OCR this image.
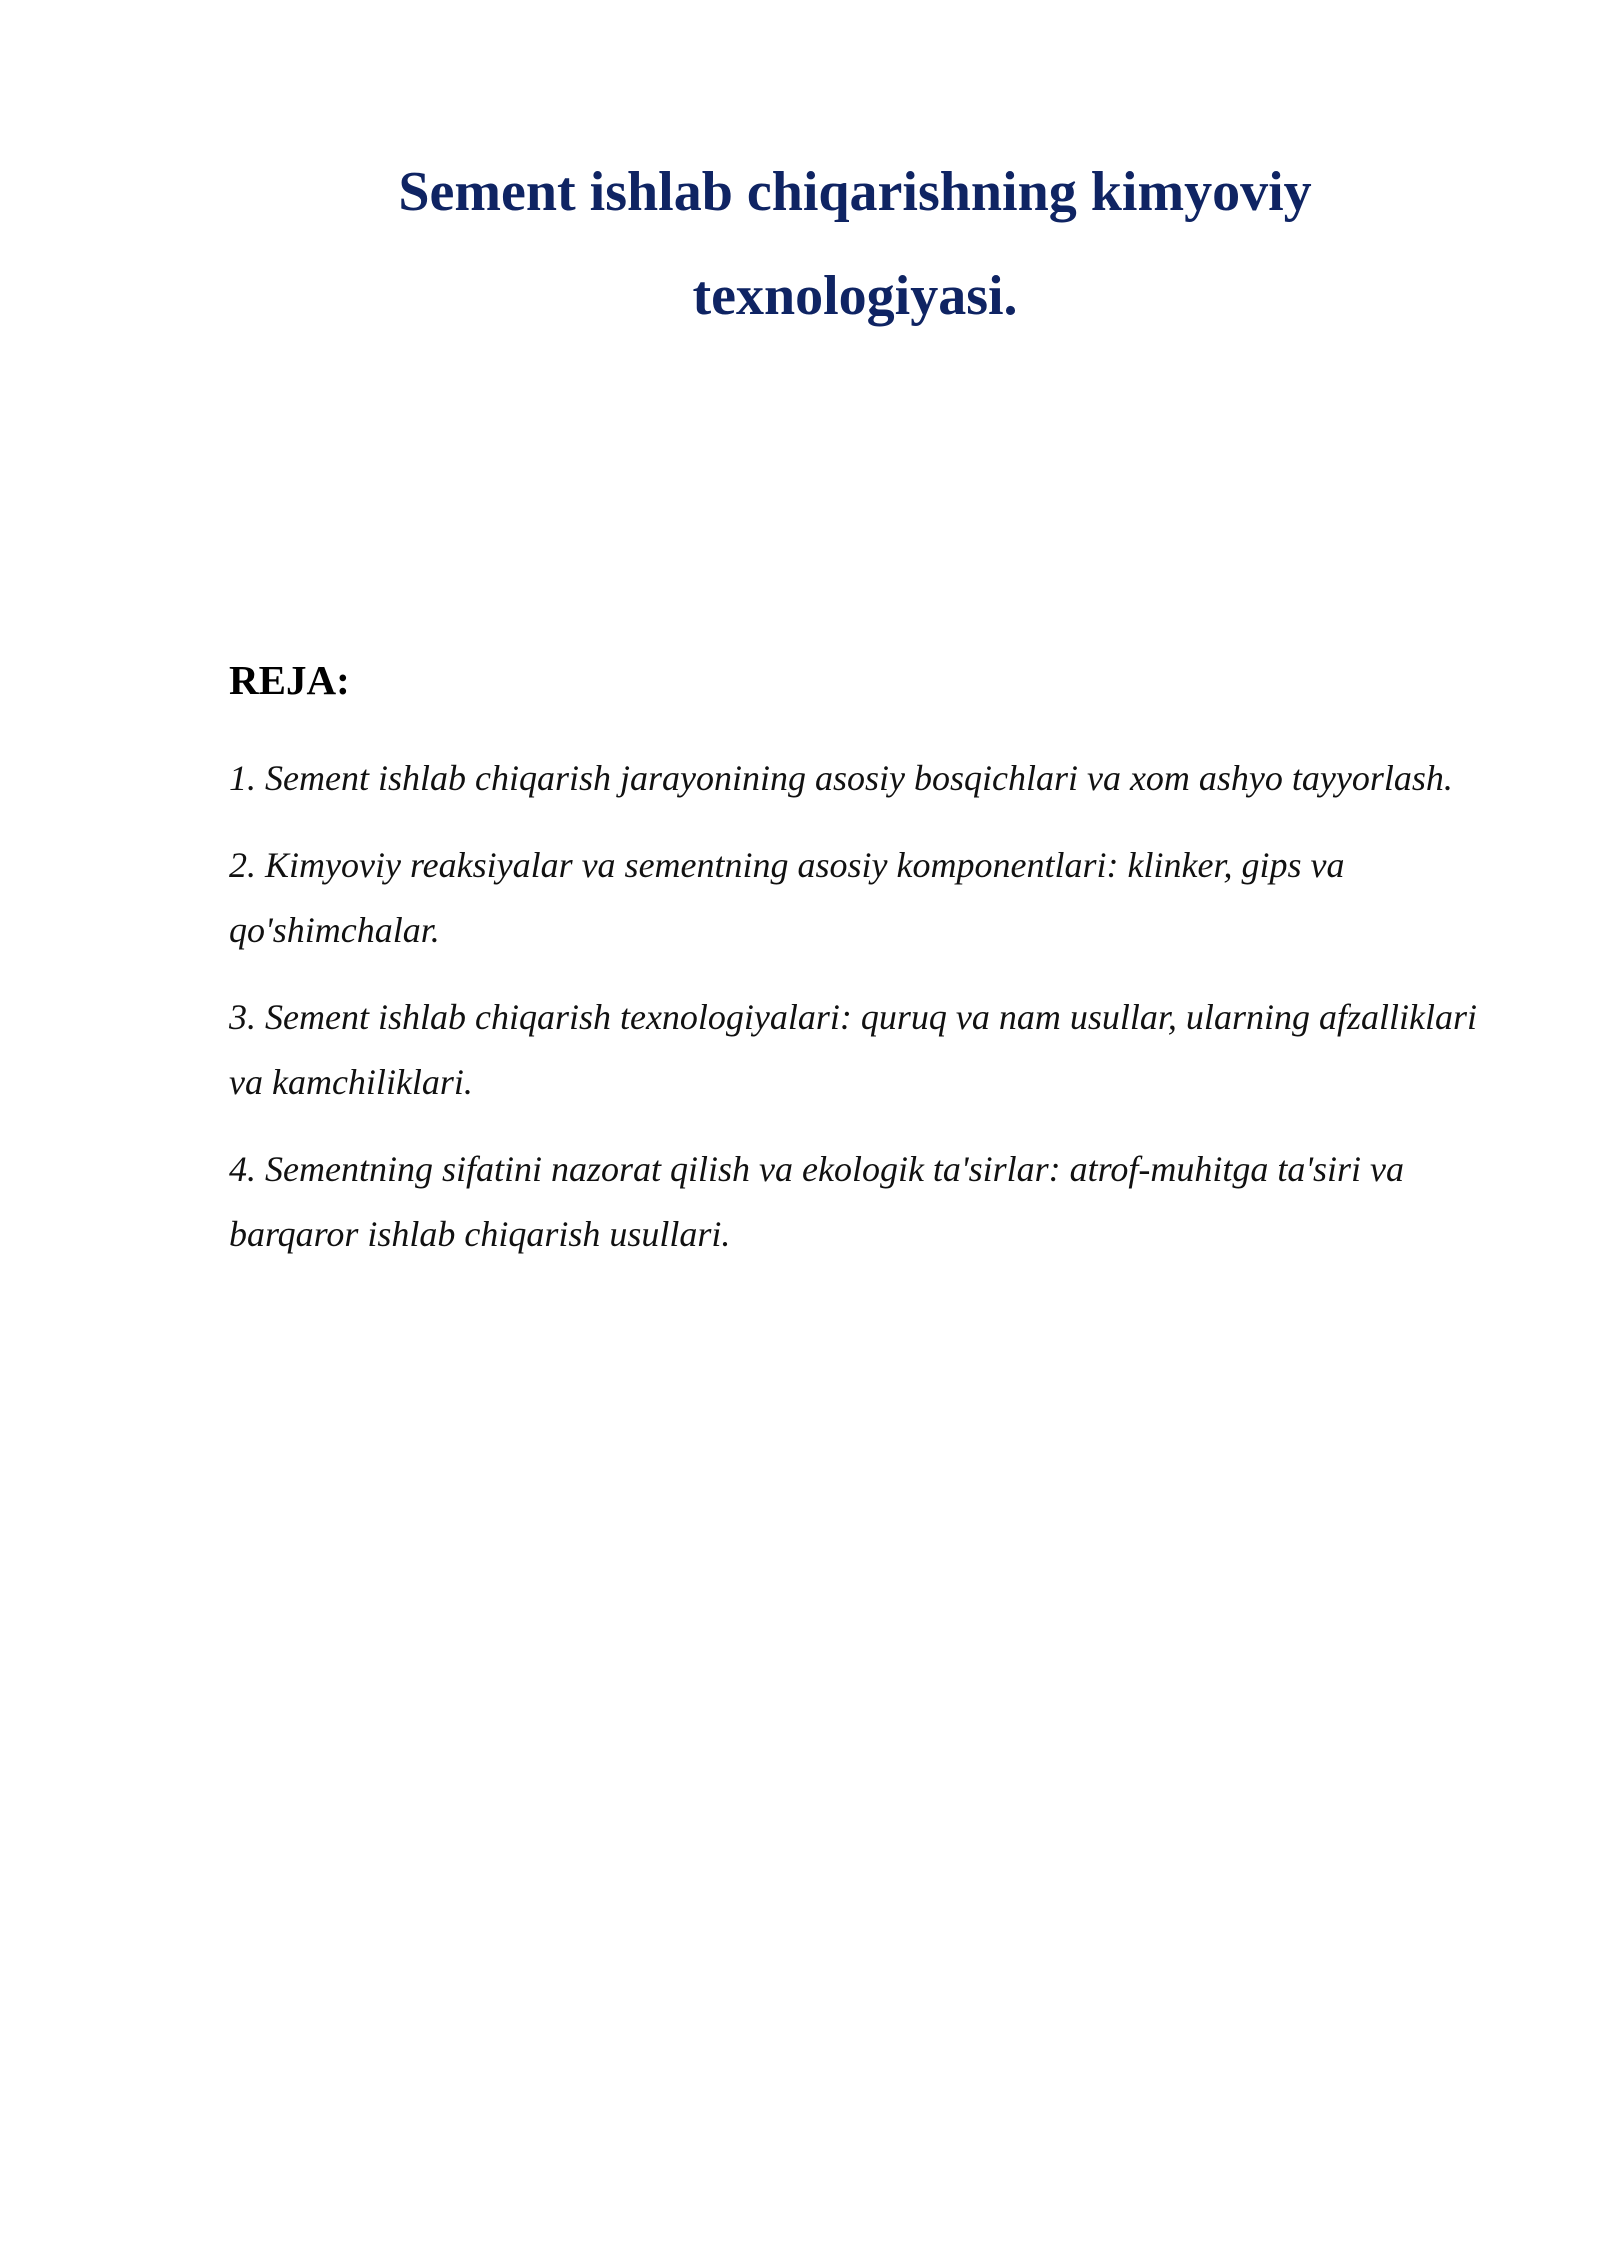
Sement ishlab chiqarishning kimyoviy texnologiyasi.
REJA:
1. Sement ishlab chiqarish jarayonining asosiy bosqichlari va xom ashyo tayyorlash.
2. Kimyoviy reaksiyalar va sementning asosiy komponentlari: klinker, gips va qo'shimchalar.
3. Sement ishlab chiqarish texnologiyalari: quruq va nam usullar, ularning afzalliklari va kamchiliklari.
4. Sementning sifatini nazorat qilish va ekologik ta'sirlar: atrof-muhitga ta'siri va barqaror ishlab chiqarish usullari.
